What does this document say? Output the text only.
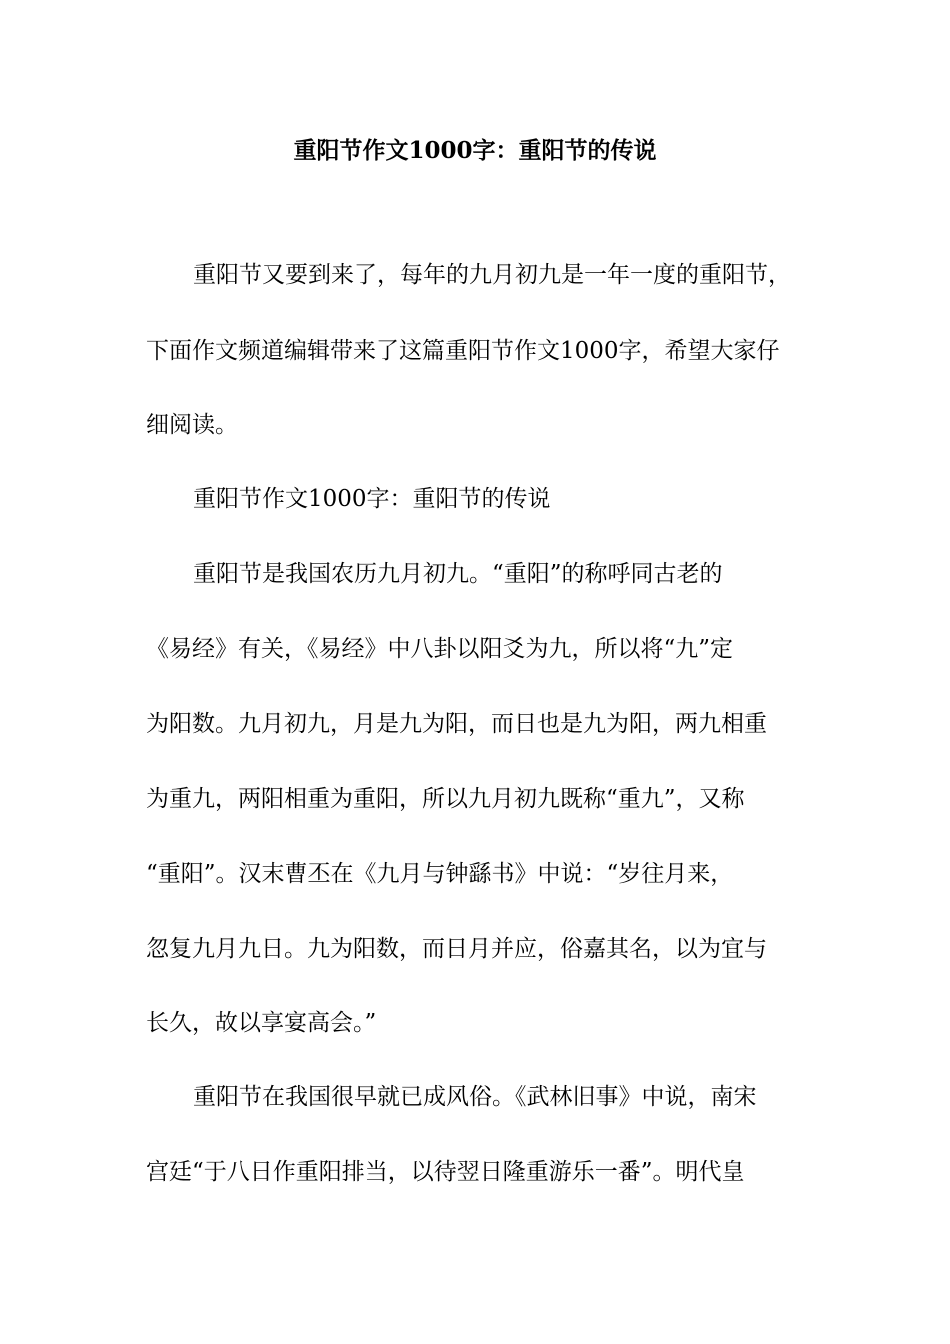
重阳节作文1000字：重阳节的传说

重阳节又要到来了，每年的九月初九是一年一度的重阳节，

下面作文频道编辑带来了这篇重阳节作文1000字，希望大家仔

细阅读。

重阳节作文1000字：重阳节的传说

重阳节是我国农历九月初九。“重阳”的称呼同古老的

《易经》有关，《易经》中八卦以阳爻为九，所以将“九”定

为阳数。九月初九，月是九为阳，而日也是九为阳，两九相重

为重九，两阳相重为重阳，所以九月初九既称“重九”，又称

“重阳”。汉末曹丕在《九月与钟繇书》中说：“岁往月来，

忽复九月九日。九为阳数，而日月并应，俗嘉其名，以为宜与

长久，故以享宴高会。”

重阳节在我国很早就已成风俗。《武林旧事》中说，南宋

宫廷“于八日作重阳排当，以待翌日隆重游乐一番”。明代皇
